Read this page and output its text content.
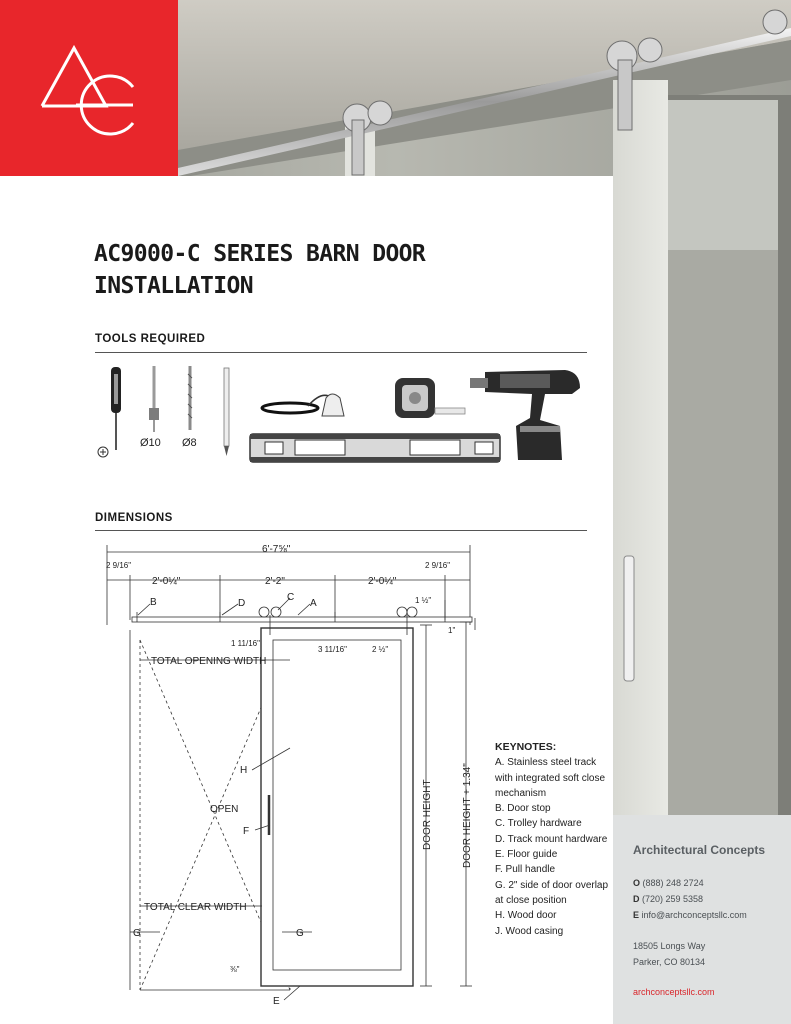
AC9000-C SERIES BARN DOOR INSTALLATION
TOOLS REQUIRED
Ø10 Ø8
DIMENSIONS
6'-7⅝"
2 9/16"	2 9/16"
2'-0¼"	2'-2"	2'-0¼"
1 ½"
1"
1 11/16"
3 11/16"	2 ½"
TOTAL OPENING WIDTH
TOTAL CLEAR WIDTH
OPEN
⅜"
B	D
C
A
H
F
G	G
E
DOOR HEIGHT	DOOR HEIGHT + 1.34"
KEYNOTES:
A. Stainless steel track with integrated soft close mechanism
B. Door stop
C. Trolley hardware
D. Track mount hardware
E. Floor guide
F. Pull handle
G. 2" side of door overlap at close position
H. Wood door
J. Wood casing
Architectural Concepts
O (888) 248 2724
D (720) 259 5358
E info@archconceptsllc.com
18505 Longs Way
Parker, CO 80134
archconceptsllc.com
